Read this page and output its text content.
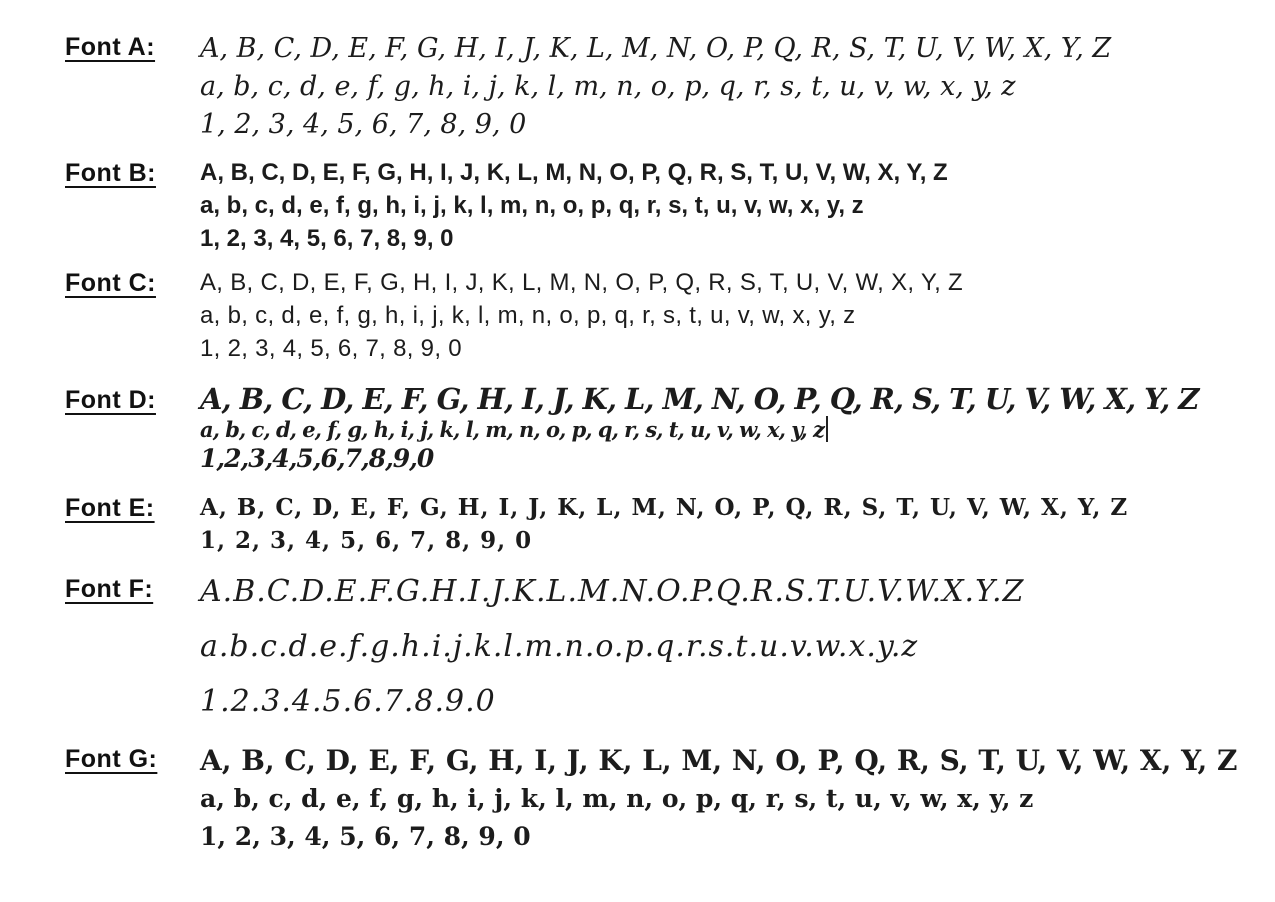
Font A:	A, B, C, D, E, F, G, H, I, J, K, L, M, N, O, P, Q, R, S, T, U, V, W, X, Y, Z
a, b, c, d, e, f, g, h, i, j, k, l, m, n, o, p, q, r, s, t, u, v, w, x, y, z
1, 2, 3, 4, 5, 6, 7, 8, 9, 0
Font B:	A, B, C, D, E, F, G, H, I, J, K, L, M, N, O, P, Q, R, S, T, U, V, W, X, Y, Z
a, b, c, d, e, f, g, h, i, j, k, l, m, n, o, p, q, r, s, t, u, v, w, x, y, z
1, 2, 3, 4, 5, 6, 7, 8, 9, 0
Font C:	A, B, C, D, E, F, G, H, I, J, K, L, M, N, O, P, Q, R, S, T, U, V, W, X, Y, Z
a, b, c, d, e, f, g, h, i, j, k, l, m, n, o, p, q, r, s, t, u, v, w, x, y, z
1, 2, 3, 4, 5, 6, 7, 8, 9, 0
Font D:	A, B, C, D, E, F, G, H, I, J, K, L, M, N, O, P, Q, R, S, T, U, V, W, X, Y, Z
a, b, c, d, e, f, g, h, i, j, k, l, m, n, o, p, q, r, s, t, u, v, w, x, y, z
1,2,3,4,5,6,7,8,9,0
Font E:	A, B, C, D, E, F, G, H, I, J, K, L, M, N, O, P, Q, R, S, T, U, V, W, X, Y, Z
1, 2, 3, 4, 5, 6, 7, 8, 9, 0
Font F:	A.B.C.D.E.F.G.H.I.J.K.L.M.N.O.P.Q.R.S.T.U.V.W.X.Y.Z
a.b.c.d.e.f.g.h.i.j.k.l.m.n.o.p.q.r.s.t.u.v.w.x.y.z
1.2.3.4.5.6.7.8.9.0
Font G:	A, B, C, D, E, F, G, H, I, J, K, L, M, N, O, P, Q, R, S, T, U, V, W, X, Y, Z
a, b, c, d, e, f, g, h, i, j, k, l, m, n, o, p, q, r, s, t, u, v, w, x, y, z
1, 2, 3, 4, 5, 6, 7, 8, 9, 0
